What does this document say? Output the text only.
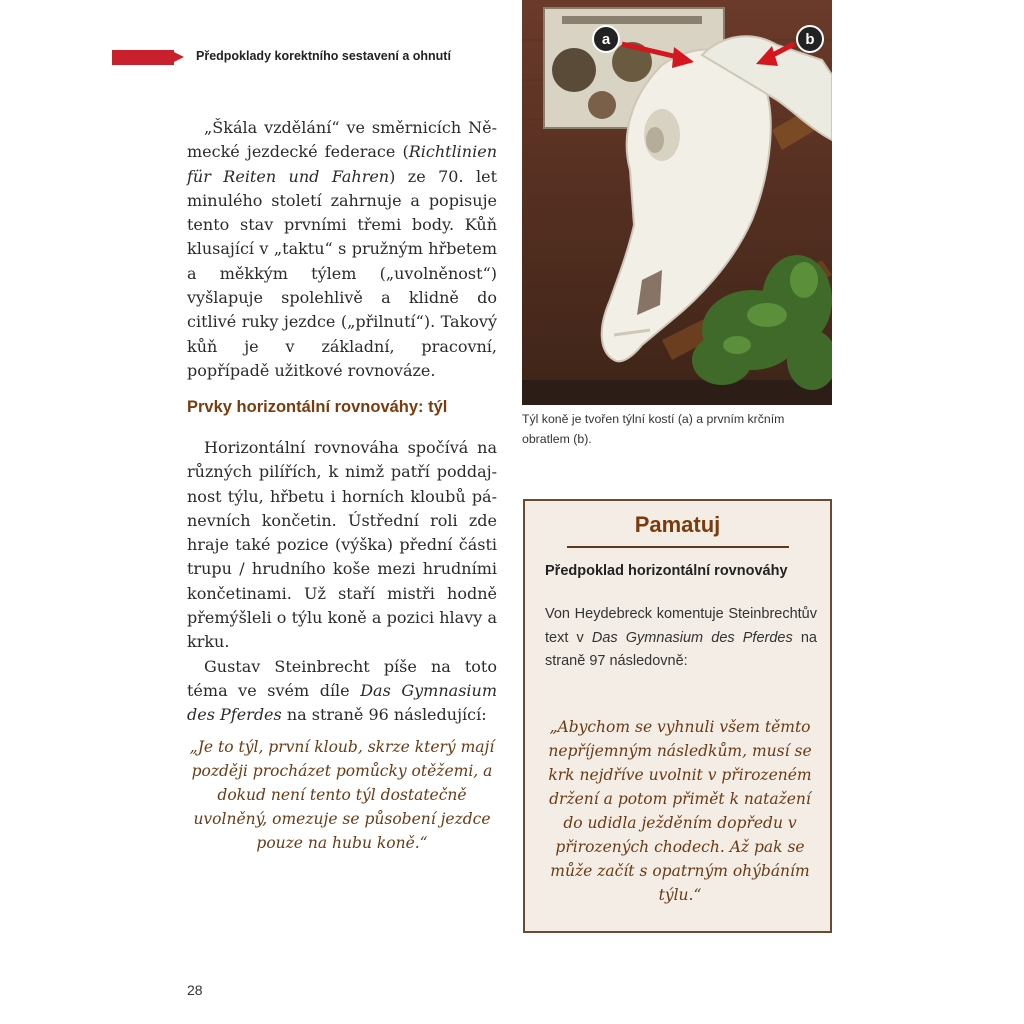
Předpoklady korektního sestavení a ohnutí

„Škála vzdělání“ ve směrnicích Německé jezdecké federace (Richtlinien für Reiten und Fahren) ze 70. let minulého století zahrnuje a popisuje tento stav prvními třemi body. Kůň klusající v „taktu“ s pružným hřbetem a měkkým týlem („uvolněnost“) vyšlapuje spolehlivě a klidně do citlivé ruky jezdce („přilnutí“). Takový kůň je v základní, pracovní, popřípadě užitkové rovnováze.

Prvky horizontální rovnováhy: týl

Horizontální rovnováha spočívá na různých pilířích, k nimž patří poddajnost týlu, hřbetu i horních kloubů pánevních končetin. Ústřední roli zde hraje také pozice (výška) přední části trupu / hrudního koše mezi hrudními končetinami. Už staří mistři hodně přemýšleli o týlu koně a pozici hlavy a krku.

Gustav Steinbrecht píše na toto téma ve svém díle Das Gymnasium des Pferdes na straně 96 následující:

„Je to týl, první kloub, skrze který mají později procházet pomůcky otěžemi, a dokud není tento týl dostatečně uvolněný, omezuje se působení jezdce pouze na hubu koně.“
a	b
Týl koně je tvořen týlní kostí (a) a prvním krčním obratlem (b).
Pamatuj
Předpoklad horizontální rovnováhy

Von Heydebreck komentuje Steinbrechtův text v Das Gymnasium des Pferdes na straně 97 následovně:

„Abychom se vyhnuli všem těmto nepříjemným následkům, musí se krk nejdříve uvolnit v přirozeném držení a potom přimět k natažení do udidla ježděním dopředu v přirozených chodech. Až pak se může začít s opatrným ohýbáním týlu.“

28
